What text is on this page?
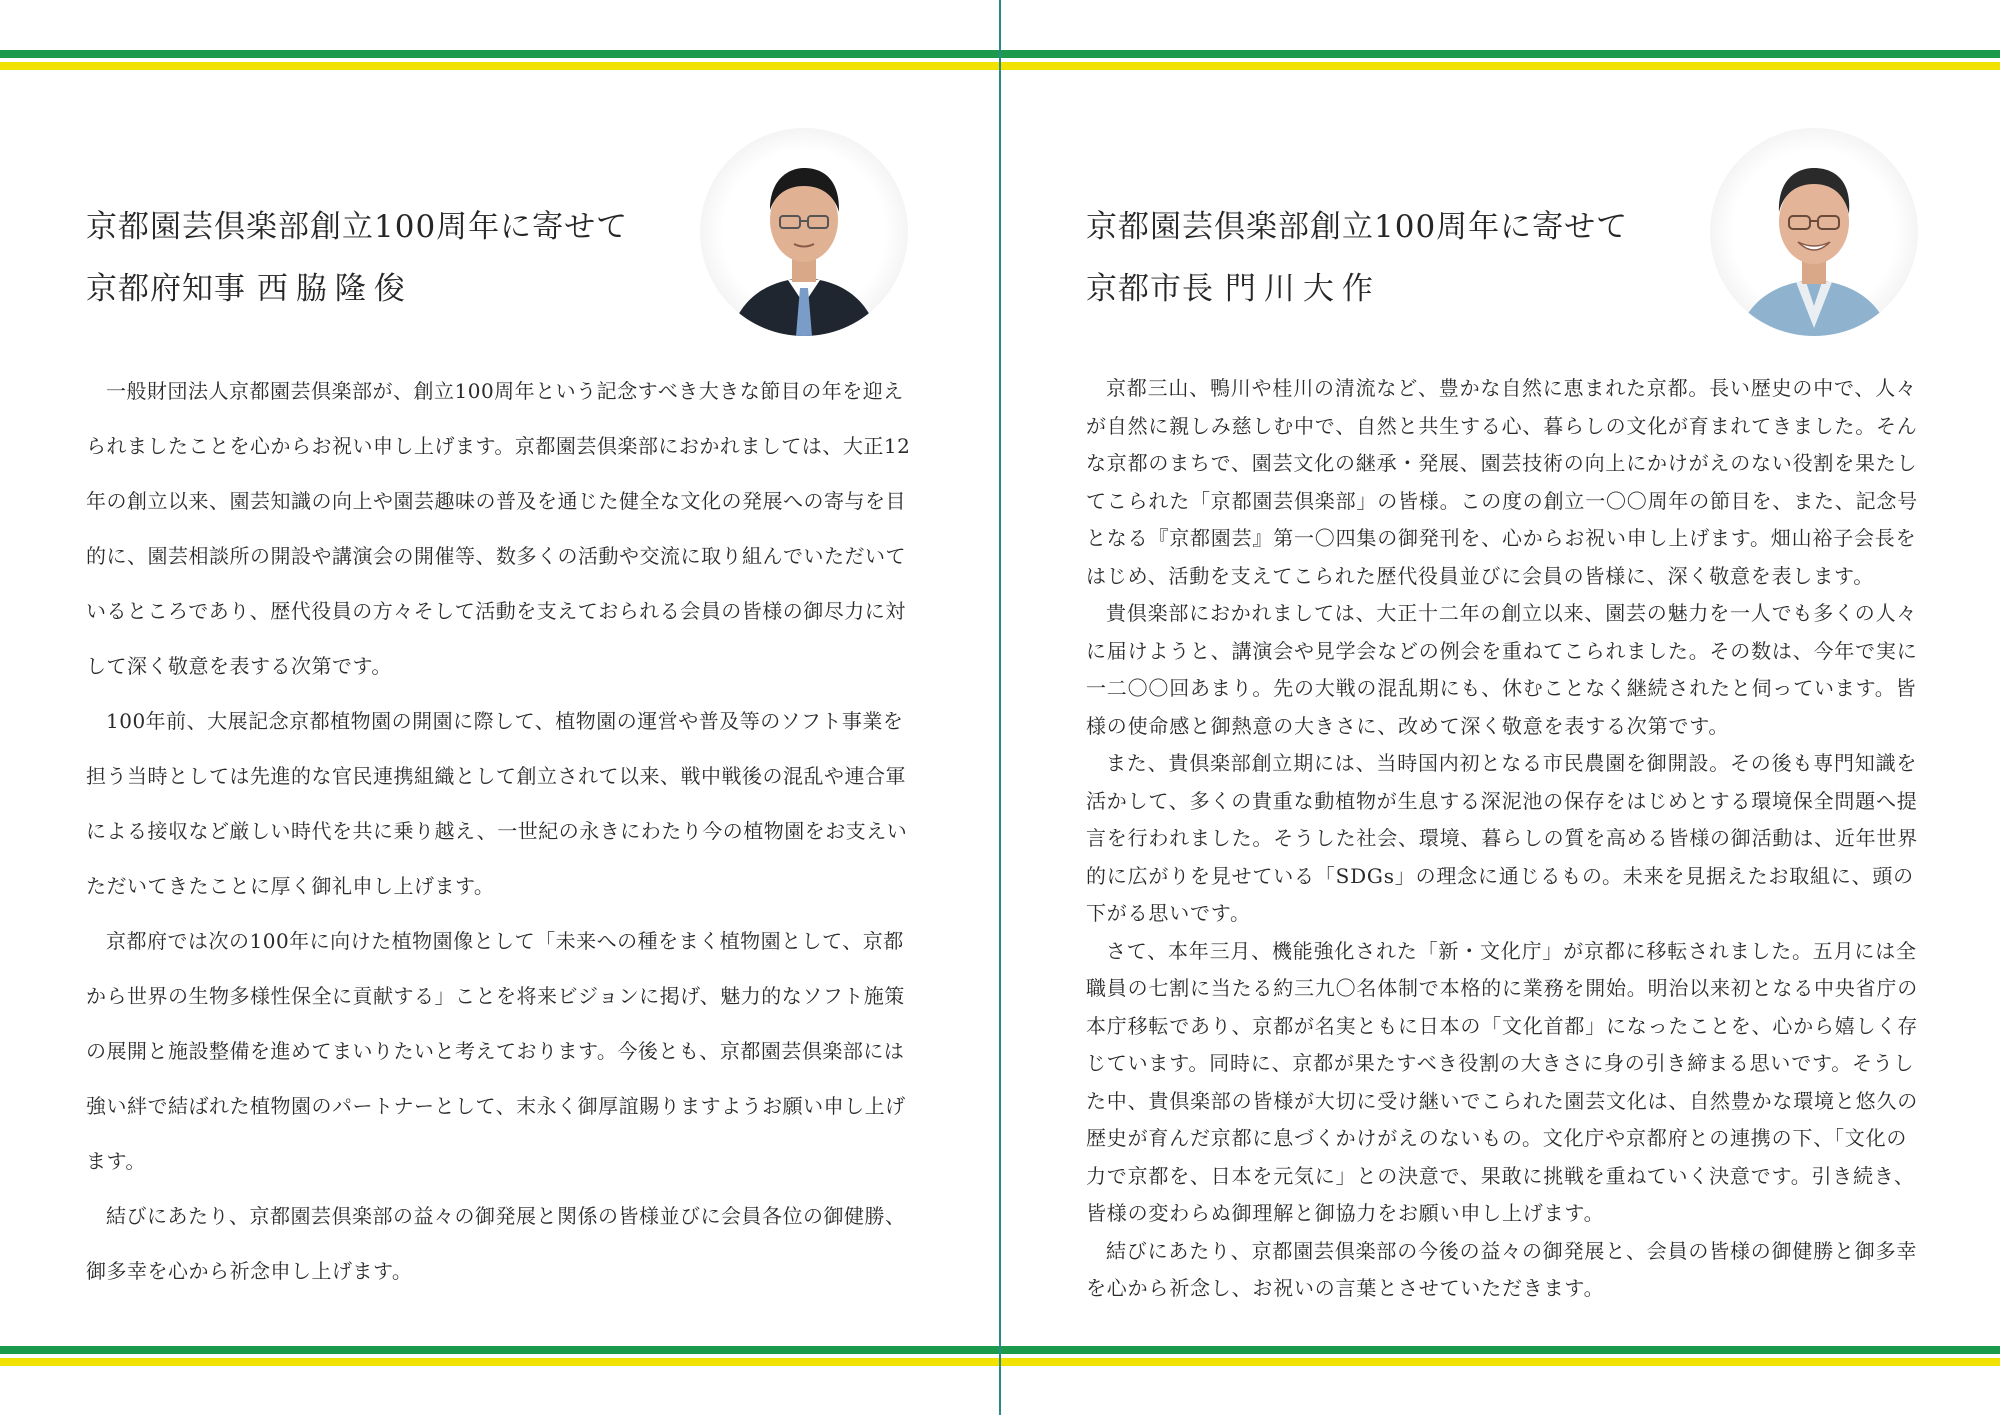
京都園芸倶楽部創立100周年に寄せて
京都府知事 西脇隆俊

一般財団法人京都園芸倶楽部が、創立100周年という記念すべき大きな節目の年を迎えられましたことを心からお祝い申し上げます。京都園芸倶楽部におかれましては、大正12年の創立以来、園芸知識の向上や園芸趣味の普及を通じた健全な文化の発展への寄与を目的に、園芸相談所の開設や講演会の開催等、数多くの活動や交流に取り組んでいただいているところであり、歴代役員の方々そして活動を支えておられる会員の皆様の御尽力に対して深く敬意を表する次第です。

100年前、大展記念京都植物園の開園に際して、植物園の運営や普及等のソフト事業を担う当時としては先進的な官民連携組織として創立されて以来、戦中戦後の混乱や連合軍による接収など厳しい時代を共に乗り越え、一世紀の永きにわたり今の植物園をお支えいただいてきたことに厚く御礼申し上げます。

京都府では次の100年に向けた植物園像として「未来への種をまく植物園として、京都から世界の生物多様性保全に貢献する」ことを将来ビジョンに掲げ、魅力的なソフト施策の展開と施設整備を進めてまいりたいと考えております。今後とも、京都園芸倶楽部には強い絆で結ばれた植物園のパートナーとして、末永く御厚誼賜りますようお願い申し上げます。

結びにあたり、京都園芸倶楽部の益々の御発展と関係の皆様並びに会員各位の御健勝、御多幸を心から祈念申し上げます。

京都園芸倶楽部創立100周年に寄せて
京都市長 門川大作

京都三山、鴨川や桂川の清流など、豊かな自然に恵まれた京都。長い歴史の中で、人々が自然に親しみ慈しむ中で、自然と共生する心、暮らしの文化が育まれてきました。そんな京都のまちで、園芸文化の継承・発展、園芸技術の向上にかけがえのない役割を果たしてこられた「京都園芸倶楽部」の皆様。この度の創立一〇〇周年の節目を、また、記念号となる『京都園芸』第一〇四集の御発刊を、心からお祝い申し上げます。畑山裕子会長をはじめ、活動を支えてこられた歴代役員並びに会員の皆様に、深く敬意を表します。

貴倶楽部におかれましては、大正十二年の創立以来、園芸の魅力を一人でも多くの人々に届けようと、講演会や見学会などの例会を重ねてこられました。その数は、今年で実に一二〇〇回あまり。先の大戦の混乱期にも、休むことなく継続されたと伺っています。皆様の使命感と御熱意の大きさに、改めて深く敬意を表する次第です。

また、貴倶楽部創立期には、当時国内初となる市民農園を御開設。その後も専門知識を活かして、多くの貴重な動植物が生息する深泥池の保存をはじめとする環境保全問題へ提言を行われました。そうした社会、環境、暮らしの質を高める皆様の御活動は、近年世界的に広がりを見せている「SDGs」の理念に通じるもの。未来を見据えたお取組に、頭の下がる思いです。

さて、本年三月、機能強化された「新・文化庁」が京都に移転されました。五月には全職員の七割に当たる約三九〇名体制で本格的に業務を開始。明治以来初となる中央省庁の本庁移転であり、京都が名実ともに日本の「文化首都」になったことを、心から嬉しく存じています。同時に、京都が果たすべき役割の大きさに身の引き締まる思いです。そうした中、貴倶楽部の皆様が大切に受け継いでこられた園芸文化は、自然豊かな環境と悠久の歴史が育んだ京都に息づくかけがえのないもの。文化庁や京都府との連携の下、「文化の力で京都を、日本を元気に」との決意で、果敢に挑戦を重ねていく決意です。引き続き、皆様の変わらぬ御理解と御協力をお願い申し上げます。

結びにあたり、京都園芸倶楽部の今後の益々の御発展と、会員の皆様の御健勝と御多幸を心から祈念し、お祝いの言葉とさせていただきます。
